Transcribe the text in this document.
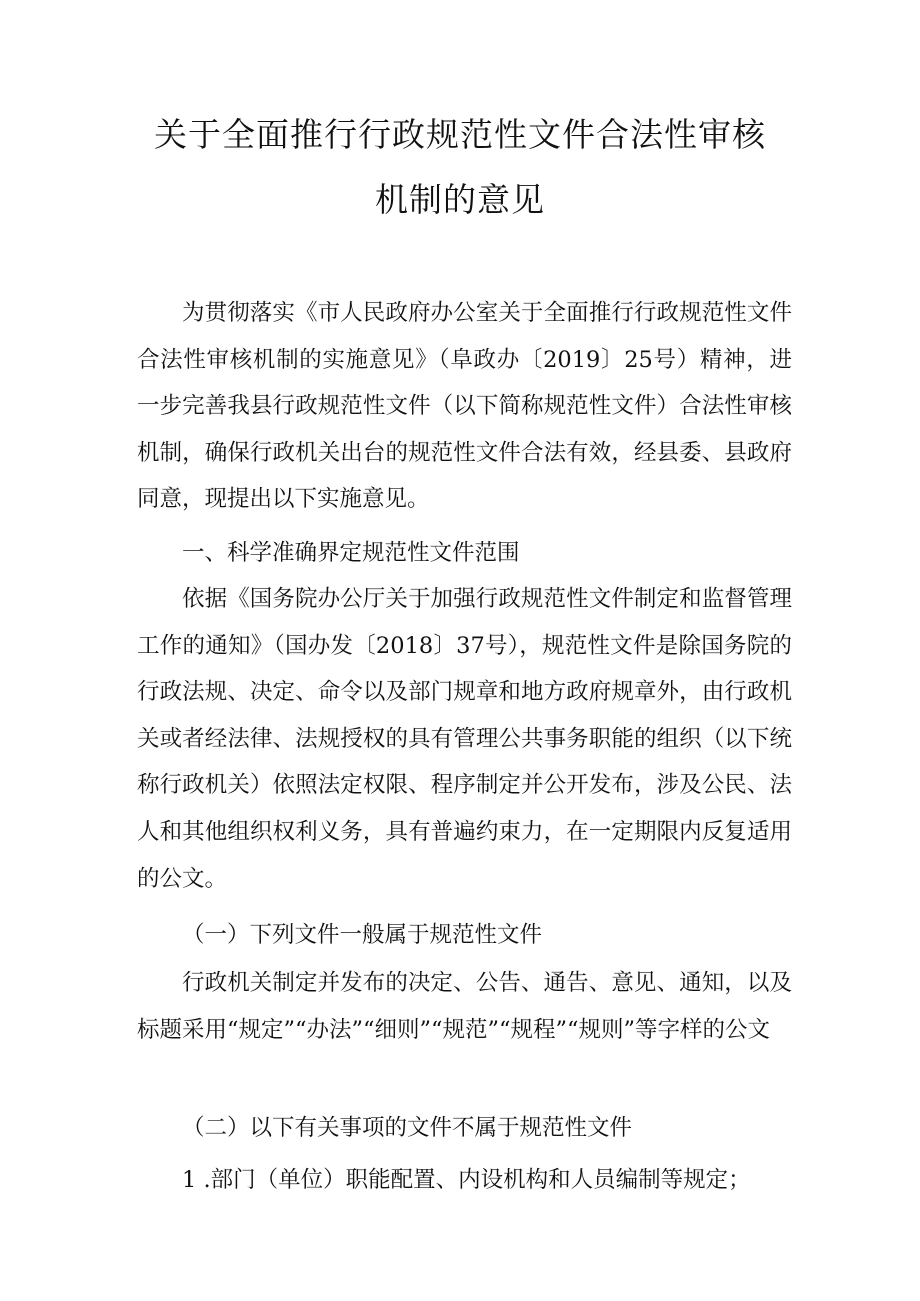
关于全面推行行政规范性文件合法性审核
机制的意见

为贯彻落实《市人民政府办公室关于全面推行行政规范性文件合法性审核机制的实施意见》（阜政办〔2019〕25号）精神，进一步完善我县行政规范性文件（以下简称规范性文件）合法性审核机制，确保行政机关出台的规范性文件合法有效，经县委、县政府同意，现提出以下实施意见。

一、科学准确界定规范性文件范围

依据《国务院办公厅关于加强行政规范性文件制定和监督管理工作的通知》（国办发〔2018〕37号），规范性文件是除国务院的行政法规、决定、命令以及部门规章和地方政府规章外，由行政机关或者经法律、法规授权的具有管理公共事务职能的组织（以下统称行政机关）依照法定权限、程序制定并公开发布，涉及公民、法人和其他组织权利义务，具有普遍约束力，在一定期限内反复适用的公文。

（一）下列文件一般属于规范性文件

行政机关制定并发布的决定、公告、通告、意见、通知，以及标题采用“规定”“办法”“细则”“规范”“规程”“规则”等字样的公文

（二）以下有关事项的文件不属于规范性文件

1 .部门（单位）职能配置、内设机构和人员编制等规定；
